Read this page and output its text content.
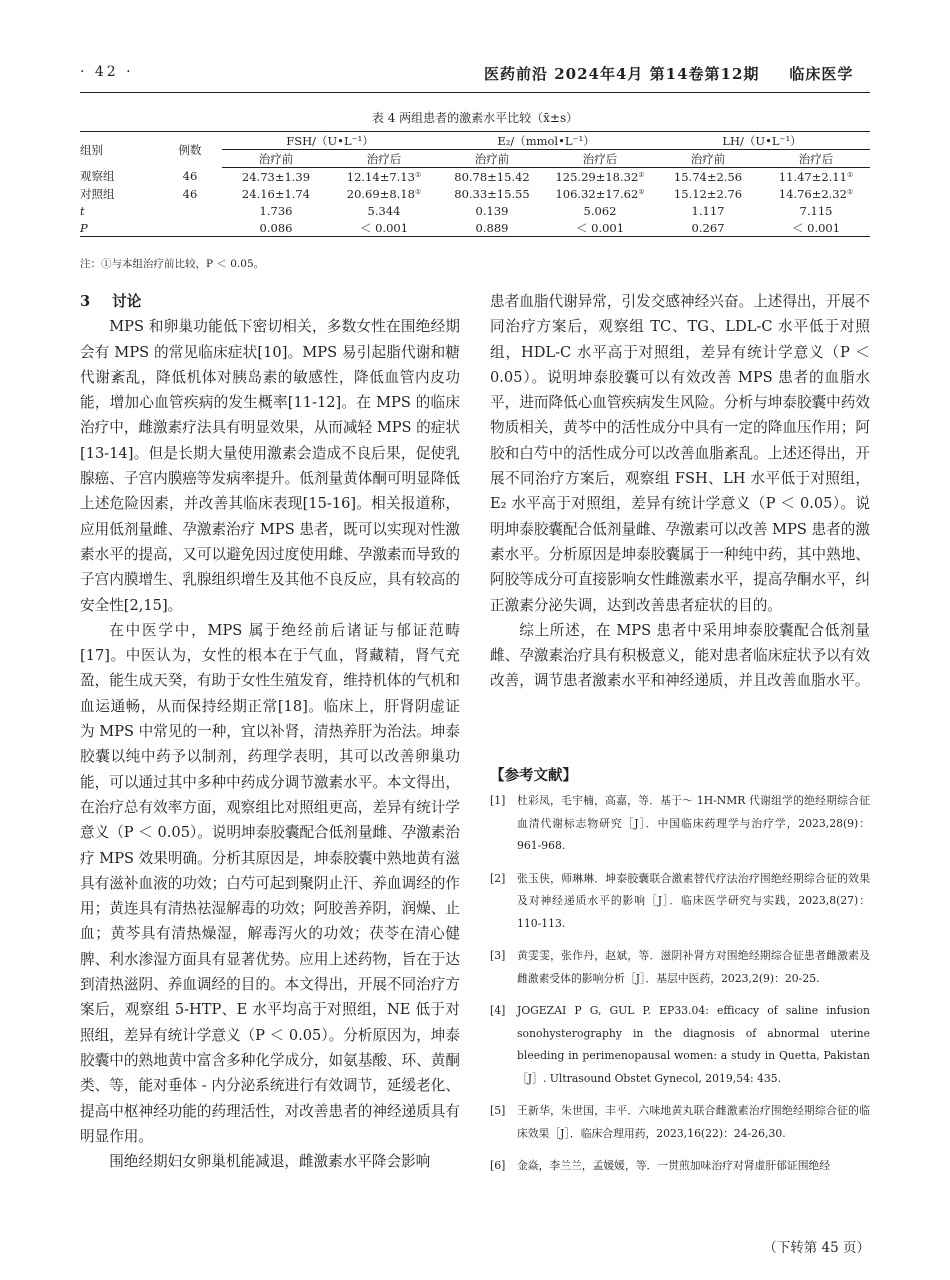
· 42 ·	医药前沿 2024年4月 第14卷第12期 临床医学
表 4 两组患者的激素水平比较（x̄±s）
组别	例数	FSH/（U•L⁻¹）		E₂/（mmol•L⁻¹）		LH/（U•L⁻¹）	
		治疗前	治疗后	治疗前	治疗后	治疗前	治疗后
观察组	46	24.73±1.39	12.14±7.13①	80.78±15.42	125.29±18.32①	15.74±2.56	11.47±2.11①
对照组	46	24.16±1.74	20.69±8.18①	80.33±15.55	106.32±17.62①	15.12±2.76	14.76±2.32①
t		1.736	5.344	0.139	5.062	1.117	7.115
P		0.086	＜ 0.001	0.889	＜ 0.001	0.267	＜ 0.001
注：①与本组治疗前比较，P ＜ 0.05。
3 讨论

MPS 和卵巢功能低下密切相关，多数女性在围绝经期会有 MPS 的常见临床症状[10]。MPS 易引起脂代谢和糖代谢紊乱，降低机体对胰岛素的敏感性，降低血管内皮功能，增加心血管疾病的发生概率[11-12]。在 MPS 的临床治疗中，雌激素疗法具有明显效果，从而减轻 MPS 的症状[13-14]。但是长期大量使用激素会造成不良后果，促使乳腺癌、子宫内膜癌等发病率提升。低剂量黄体酮可明显降低上述危险因素，并改善其临床表现[15-16]。相关报道称，应用低剂量雌、孕激素治疗 MPS 患者，既可以实现对性激素水平的提高，又可以避免因过度使用雌、孕激素而导致的子宫内膜增生、乳腺组织增生及其他不良反应，具有较高的安全性[2,15]。

在中医学中，MPS 属于绝经前后诸证与郁证范畴[17]。中医认为，女性的根本在于气血，肾藏精，肾气充盈，能生成天癸，有助于女性生殖发育，维持机体的气机和血运通畅，从而保持经期正常[18]。临床上，肝肾阴虚证为 MPS 中常见的一种，宜以补肾，清热养肝为治法。坤泰胶囊以纯中药予以制剂，药理学表明，其可以改善卵巢功能，可以通过其中多种中药成分调节激素水平。本文得出，在治疗总有效率方面，观察组比对照组更高，差异有统计学意义（P ＜ 0.05）。说明坤泰胶囊配合低剂量雌、孕激素治疗 MPS 效果明确。分析其原因是，坤泰胶囊中熟地黄有滋具有滋补血液的功效；白芍可起到聚阴止汗、养血调经的作用；黄连具有清热祛湿解毒的功效；阿胶善养阴，润燥、止血；黄芩具有清热燥湿，解毒泻火的功效；茯苓在清心健脾、利水渗湿方面具有显著优势。应用上述药物，旨在于达到清热滋阴、养血调经的目的。本文得出，开展不同治疗方案后，观察组 5-HTP、E 水平均高于对照组，NE 低于对照组，差异有统计学意义（P ＜ 0.05）。分析原因为，坤泰胶囊中的熟地黄中富含多种化学成分，如氨基酸、环、黄酮类、等，能对垂体 - 内分泌系统进行有效调节，延缓老化、提高中枢神经功能的药理活性，对改善患者的神经递质具有明显作用。

围绝经期妇女卵巢机能减退，雌激素水平降会影响

患者血脂代谢异常，引发交感神经兴奋。上述得出，开展不同治疗方案后，观察组 TC、TG、LDL-C 水平低于对照组，HDL-C 水平高于对照组，差异有统计学意义（P ＜ 0.05）。说明坤泰胶囊可以有效改善 MPS 患者的血脂水平，进而降低心血管疾病发生风险。分析与坤泰胶囊中药效物质相关，黄芩中的活性成分中具有一定的降血压作用；阿胶和白芍中的活性成分可以改善血脂紊乱。上述还得出，开展不同治疗方案后，观察组 FSH、LH 水平低于对照组，E₂ 水平高于对照组，差异有统计学意义（P ＜ 0.05）。说明坤泰胶囊配合低剂量雌、孕激素可以改善 MPS 患者的激素水平。分析原因是坤泰胶囊属于一种纯中药，其中熟地、阿胶等成分可直接影响女性雌激素水平，提高孕酮水平，纠正激素分泌失调，达到改善患者症状的目的。

综上所述，在 MPS 患者中采用坤泰胶囊配合低剂量雌、孕激素治疗具有积极意义，能对患者临床症状予以有效改善，调节患者激素水平和神经递质，并且改善血脂水平。

【参考文献】
[1] 杜彩凤，毛宇楠，高嘉，等．基于～ 1H-NMR 代谢组学的绝经期综合征血清代谢标志物研究［J］．中国临床药理学与治疗学，2023,28(9)：961-968.
[2] 张玉侠，师琳琳．坤泰胶囊联合激素替代疗法治疗围绝经期综合征的效果及对神经递质水平的影响［J］．临床医学研究与实践，2023,8(27)：110-113.
[3] 黄雯雯，张作丹，赵斌，等．滋阴补肾方对围绝经期综合征患者雌激素及雌激素受体的影响分析［J］．基层中医药，2023,2(9)：20-25.
[4] JOGEZAI P G, GUL P. EP33.04: efficacy of saline infusion sonohysterography in the diagnosis of abnormal uterine bleeding in perimenopausal women: a study in Quetta, Pakistan［J］. Ultrasound Obstet Gynecol, 2019,54: 435.
[5] 王新华，朱世国，丰平．六味地黄丸联合雌激素治疗围绝经期综合征的临床效果［J］．临床合理用药，2023,16(22)：24-26,30.
[6] 金焱，李兰兰，孟媛媛，等．一贯煎加味治疗对肾虚肝郁证围绝经
（下转第 45 页）
